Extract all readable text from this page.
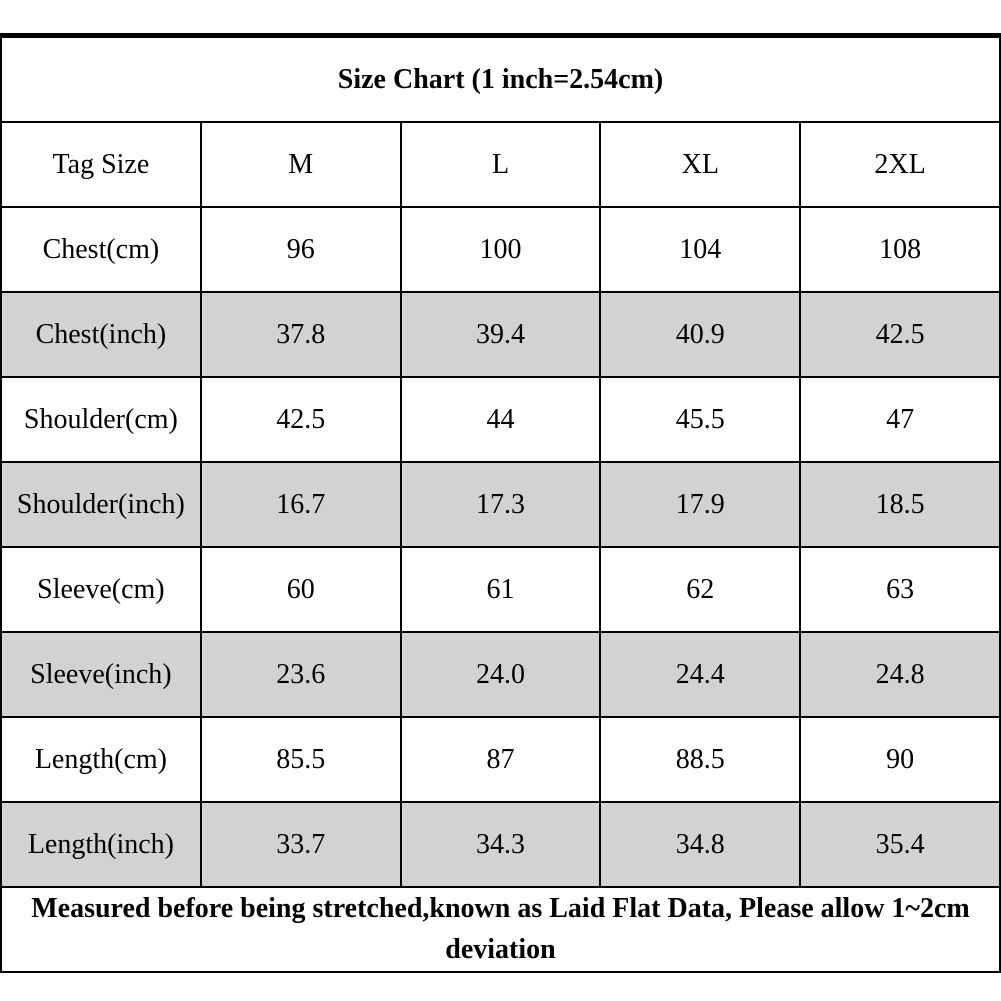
Size Chart (1 inch=2.54cm)				
Tag Size	M	L	XL	2XL
Chest(cm)	96	100	104	108
Chest(inch)	37.8	39.4	40.9	42.5
Shoulder(cm)	42.5	44	45.5	47
Shoulder(inch)	16.7	17.3	17.9	18.5
Sleeve(cm)	60	61	62	63
Sleeve(inch)	23.6	24.0	24.4	24.8
Length(cm)	85.5	87	88.5	90
Length(inch)	33.7	34.3	34.8	35.4
Measured before being stretched,known as Laid Flat Data, Please allow 1~2cm deviation				
